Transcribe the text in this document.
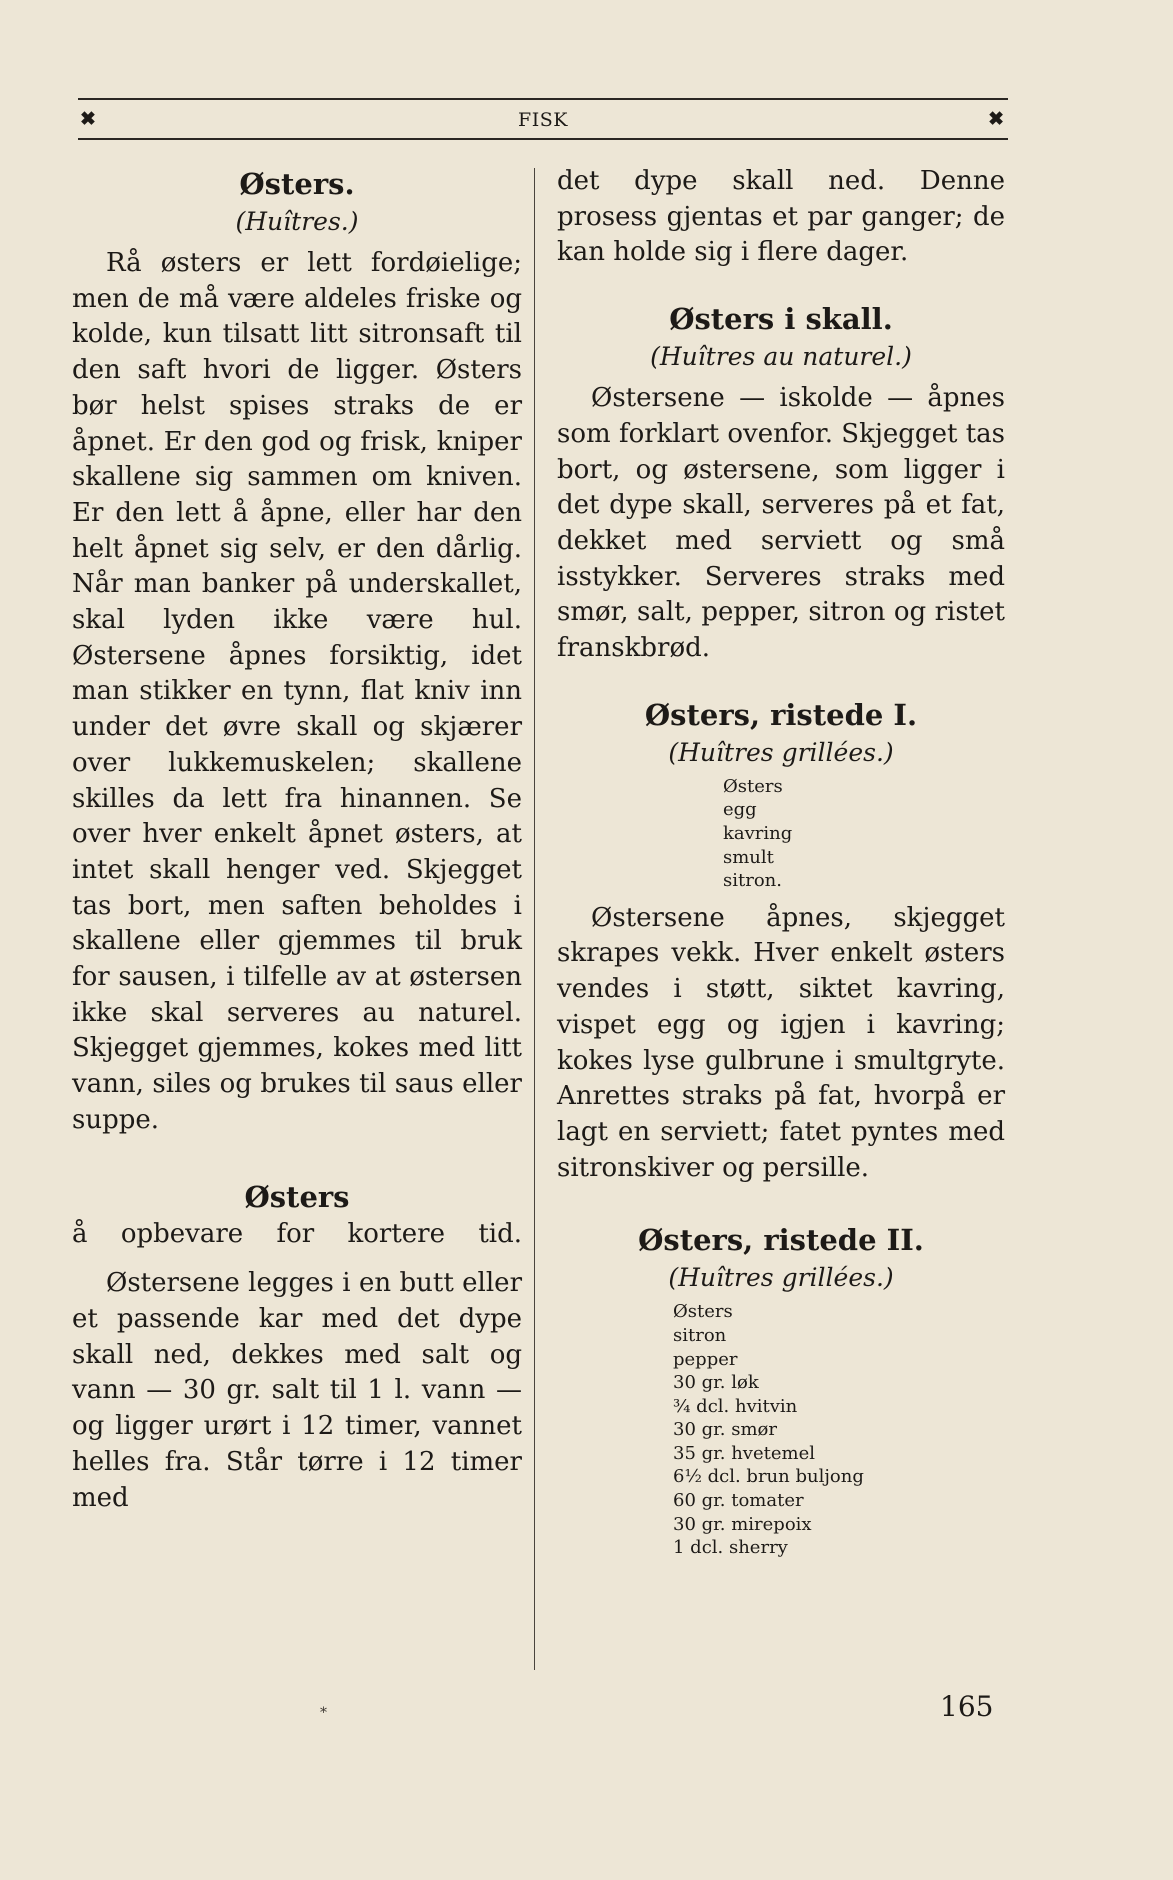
✖	FISK	✖
Østers.
(Huîtres.)

Rå østers er lett fordøielige; men de må være aldeles friske og kolde, kun tilsatt litt sitronsaft til den saft hvori de ligger. Østers bør helst spises straks de er åpnet. Er den god og frisk, kniper skallene sig sammen om kniven. Er den lett å åpne, eller har den helt åpnet sig selv, er den dårlig. Når man banker på underskallet, skal lyden ikke være hul. Østersene åpnes forsiktig, idet man stikker en tynn, flat kniv inn under det øvre skall og skjærer over lukkemuskelen; skallene skilles da lett fra hinannen. Se over hver enkelt åpnet østers, at intet skall henger ved. Skjegget tas bort, men saften beholdes i skallene eller gjemmes til bruk for sausen, i tilfelle av at østersen ikke skal serveres au naturel. Skjegget gjemmes, kokes med litt vann, siles og brukes til saus eller suppe.

Østers

å opbevare for kortere tid.

Østersene legges i en butt eller et passende kar med det dype skall ned, dekkes med salt og vann — 30 gr. salt til 1 l. vann — og ligger urørt i 12 timer, vannet helles fra. Står tørre i 12 timer med

det dype skall ned. Denne prosess gjentas et par ganger; de kan holde sig i flere dager.

Østers i skall.
(Huîtres au naturel.)

Østersene — iskolde — åpnes som forklart ovenfor. Skjegget tas bort, og østersene, som ligger i det dype skall, serveres på et fat, dekket med serviett og små isstykker. Serveres straks med smør, salt, pepper, sitron og ristet franskbrød.

Østers, ristede I.
(Huîtres grillées.)
Østers
egg
kavring
smult
sitron.

Østersene åpnes, skjegget skrapes vekk. Hver enkelt østers vendes i støtt, siktet kavring, vispet egg og igjen i kavring; kokes lyse gulbrune i smultgryte. Anrettes straks på fat, hvorpå er lagt en serviett; fatet pyntes med sitronskiver og persille.

Østers, ristede II.
(Huîtres grillées.)
Østers
sitron
pepper
30 gr. løk
¾ dcl. hvitvin
30 gr. smør
35 gr. hvetemel
6½ dcl. brun buljong
60 gr. tomater
30 gr. mirepoix
1 dcl. sherry
*	165
